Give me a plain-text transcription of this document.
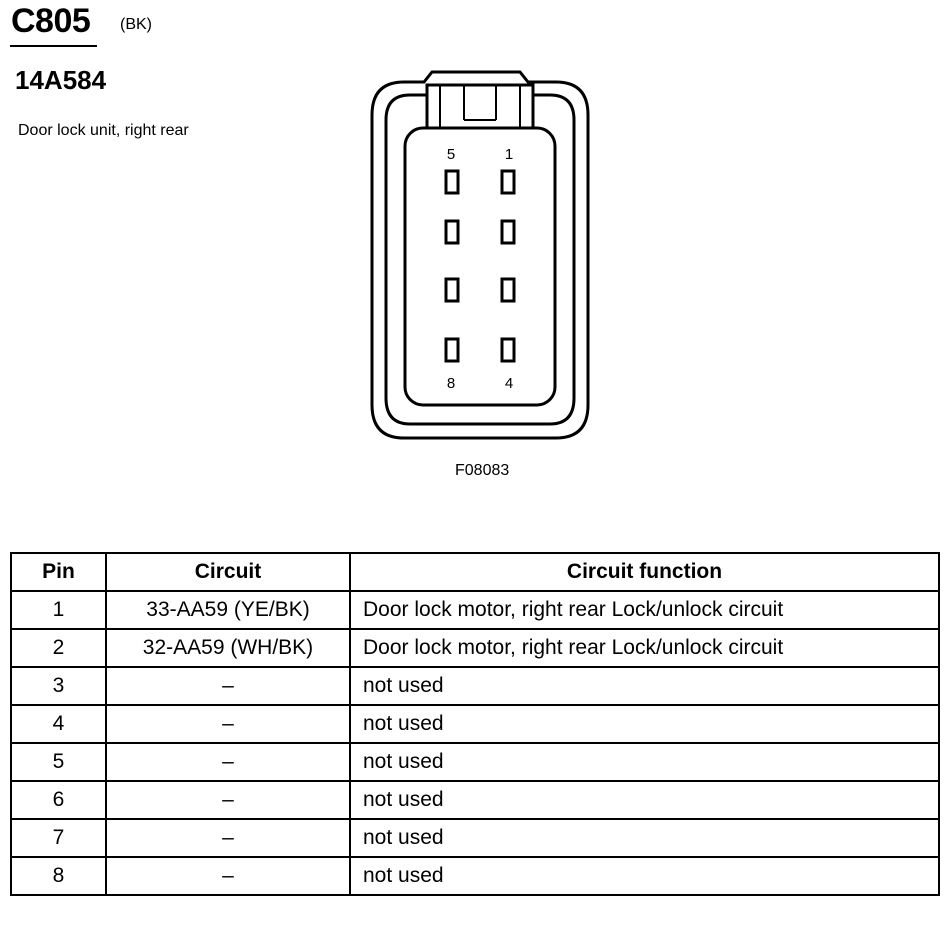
C805 (BK)
14A584
Door lock unit, right rear
5	1
8	4
F08083
Pin	Circuit	Circuit function
1	33-AA59 (YE/BK)	Door lock motor, right rear Lock/unlock circuit
2	32-AA59 (WH/BK)	Door lock motor, right rear Lock/unlock circuit
3	–	not used
4	–	not used
5	–	not used
6	–	not used
7	–	not used
8	–	not used
